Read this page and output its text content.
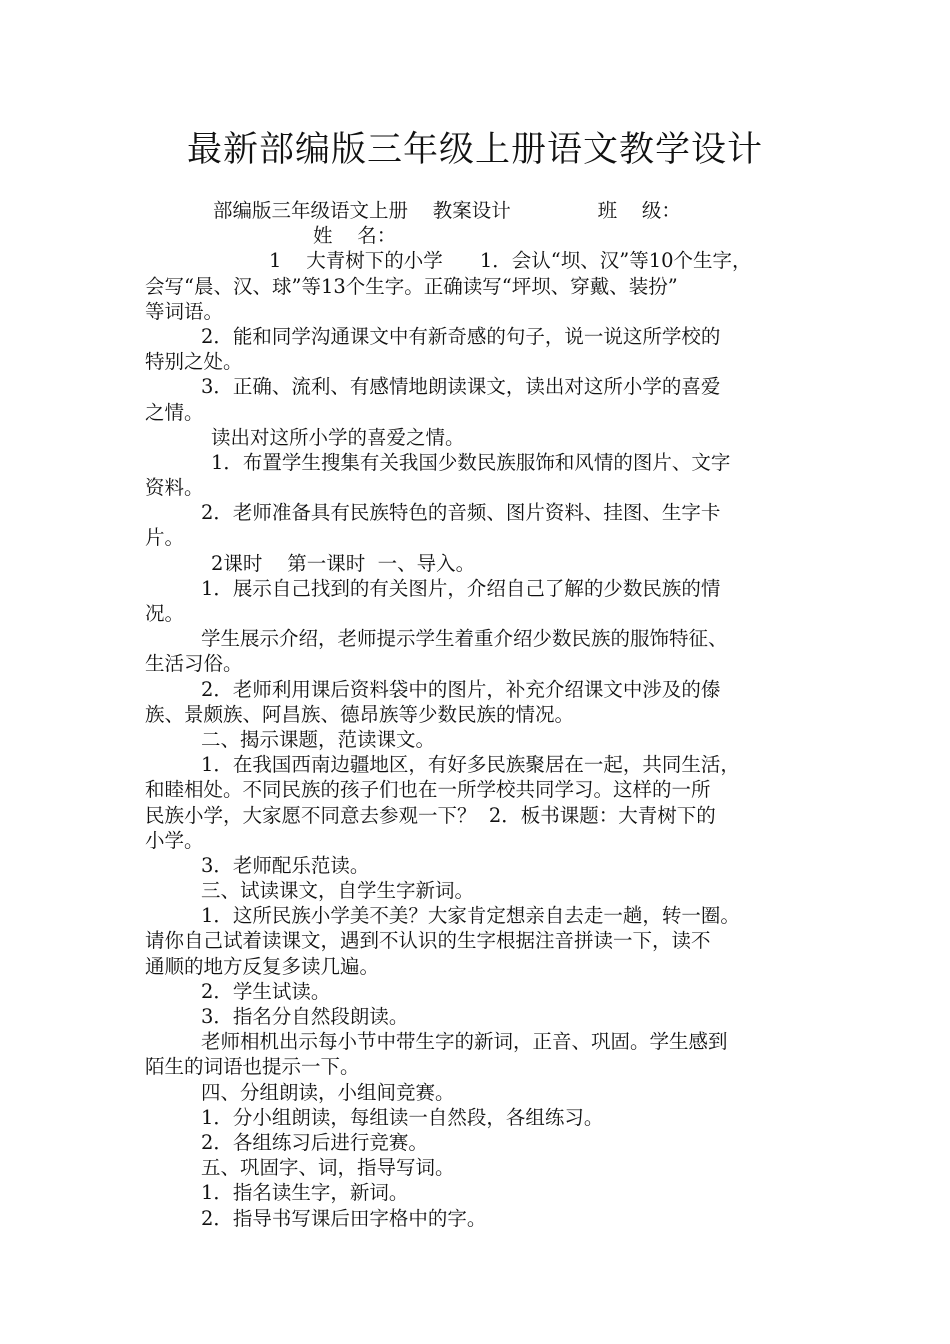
最新部编版三年级上册语文教学设计
部编版三年级语文上册    教案设计              班    级：
姓    名：
1    大青树下的小学      1．会认“坝、汉”等10个生字，
会写“晨、汉、球”等13个生字。正确读写“坪坝、穿戴、装扮”
等词语。
2．能和同学沟通课文中有新奇感的句子，说一说这所学校的
特别之处。
3．正确、流利、有感情地朗读课文，读出对这所小学的喜爱
之情。
读出对这所小学的喜爱之情。
1．布置学生搜集有关我国少数民族服饰和风情的图片、文字
资料。
2．老师准备具有民族特色的音频、图片资料、挂图、生字卡
片。
2课时    第一课时  一、导入。
1．展示自己找到的有关图片，介绍自己了解的少数民族的情
况。
学生展示介绍，老师提示学生着重介绍少数民族的服饰特征、
生活习俗。
2．老师利用课后资料袋中的图片，补充介绍课文中涉及的傣
族、景颇族、阿昌族、德昂族等少数民族的情况。
二、揭示课题，范读课文。
1．在我国西南边疆地区，有好多民族聚居在一起，共同生活，
和睦相处。不同民族的孩子们也在一所学校共同学习。这样的一所
民族小学，大家愿不同意去参观一下？  2．板书课题：大青树下的
小学。
3．老师配乐范读。
三、试读课文，自学生字新词。
1．这所民族小学美不美？大家肯定想亲自去走一趟，转一圈。
请你自己试着读课文，遇到不认识的生字根据注音拼读一下，读不
通顺的地方反复多读几遍。
2．学生试读。
3．指名分自然段朗读。
老师相机出示每小节中带生字的新词，正音、巩固。学生感到
陌生的词语也提示一下。
四、分组朗读，小组间竞赛。
1．分小组朗读，每组读一自然段，各组练习。
2．各组练习后进行竞赛。
五、巩固字、词，指导写词。
1．指名读生字，新词。
2．指导书写课后田字格中的字。
